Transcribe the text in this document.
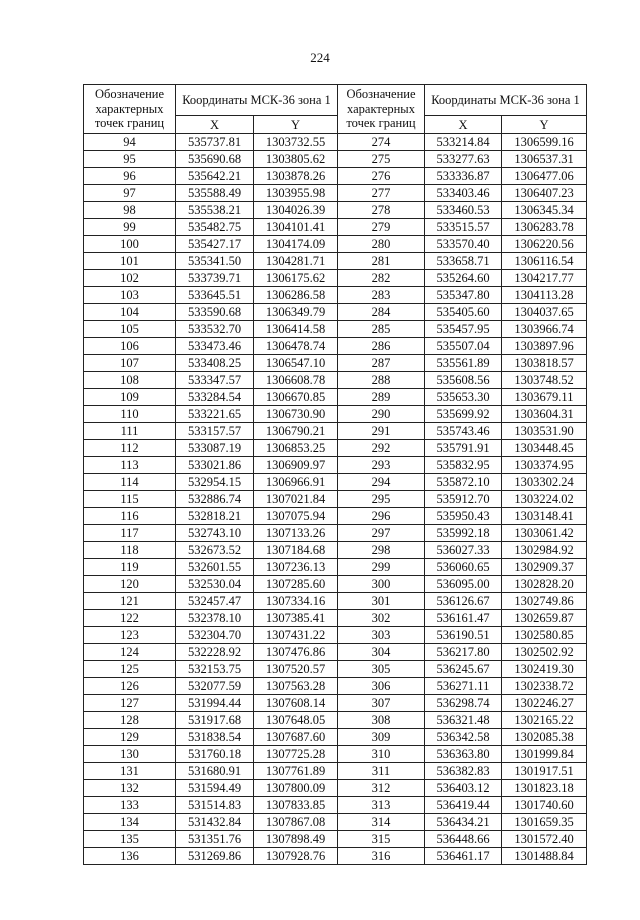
224
Обозначение характерных точек границ	Координаты МСК-36 зона 1		Обозначение характерных точек границ	Координаты МСК-36 зона 1	
	X	Y		X	Y
94	535737.81	1303732.55	274	533214.84	1306599.16
95	535690.68	1303805.62	275	533277.63	1306537.31
96	535642.21	1303878.26	276	533336.87	1306477.06
97	535588.49	1303955.98	277	533403.46	1306407.23
98	535538.21	1304026.39	278	533460.53	1306345.34
99	535482.75	1304101.41	279	533515.57	1306283.78
100	535427.17	1304174.09	280	533570.40	1306220.56
101	535341.50	1304281.71	281	533658.71	1306116.54
102	533739.71	1306175.62	282	535264.60	1304217.77
103	533645.51	1306286.58	283	535347.80	1304113.28
104	533590.68	1306349.79	284	535405.60	1304037.65
105	533532.70	1306414.58	285	535457.95	1303966.74
106	533473.46	1306478.74	286	535507.04	1303897.96
107	533408.25	1306547.10	287	535561.89	1303818.57
108	533347.57	1306608.78	288	535608.56	1303748.52
109	533284.54	1306670.85	289	535653.30	1303679.11
110	533221.65	1306730.90	290	535699.92	1303604.31
111	533157.57	1306790.21	291	535743.46	1303531.90
112	533087.19	1306853.25	292	535791.91	1303448.45
113	533021.86	1306909.97	293	535832.95	1303374.95
114	532954.15	1306966.91	294	535872.10	1303302.24
115	532886.74	1307021.84	295	535912.70	1303224.02
116	532818.21	1307075.94	296	535950.43	1303148.41
117	532743.10	1307133.26	297	535992.18	1303061.42
118	532673.52	1307184.68	298	536027.33	1302984.92
119	532601.55	1307236.13	299	536060.65	1302909.37
120	532530.04	1307285.60	300	536095.00	1302828.20
121	532457.47	1307334.16	301	536126.67	1302749.86
122	532378.10	1307385.41	302	536161.47	1302659.87
123	532304.70	1307431.22	303	536190.51	1302580.85
124	532228.92	1307476.86	304	536217.80	1302502.92
125	532153.75	1307520.57	305	536245.67	1302419.30
126	532077.59	1307563.28	306	536271.11	1302338.72
127	531994.44	1307608.14	307	536298.74	1302246.27
128	531917.68	1307648.05	308	536321.48	1302165.22
129	531838.54	1307687.60	309	536342.58	1302085.38
130	531760.18	1307725.28	310	536363.80	1301999.84
131	531680.91	1307761.89	311	536382.83	1301917.51
132	531594.49	1307800.09	312	536403.12	1301823.18
133	531514.83	1307833.85	313	536419.44	1301740.60
134	531432.84	1307867.08	314	536434.21	1301659.35
135	531351.76	1307898.49	315	536448.66	1301572.40
136	531269.86	1307928.76	316	536461.17	1301488.84
